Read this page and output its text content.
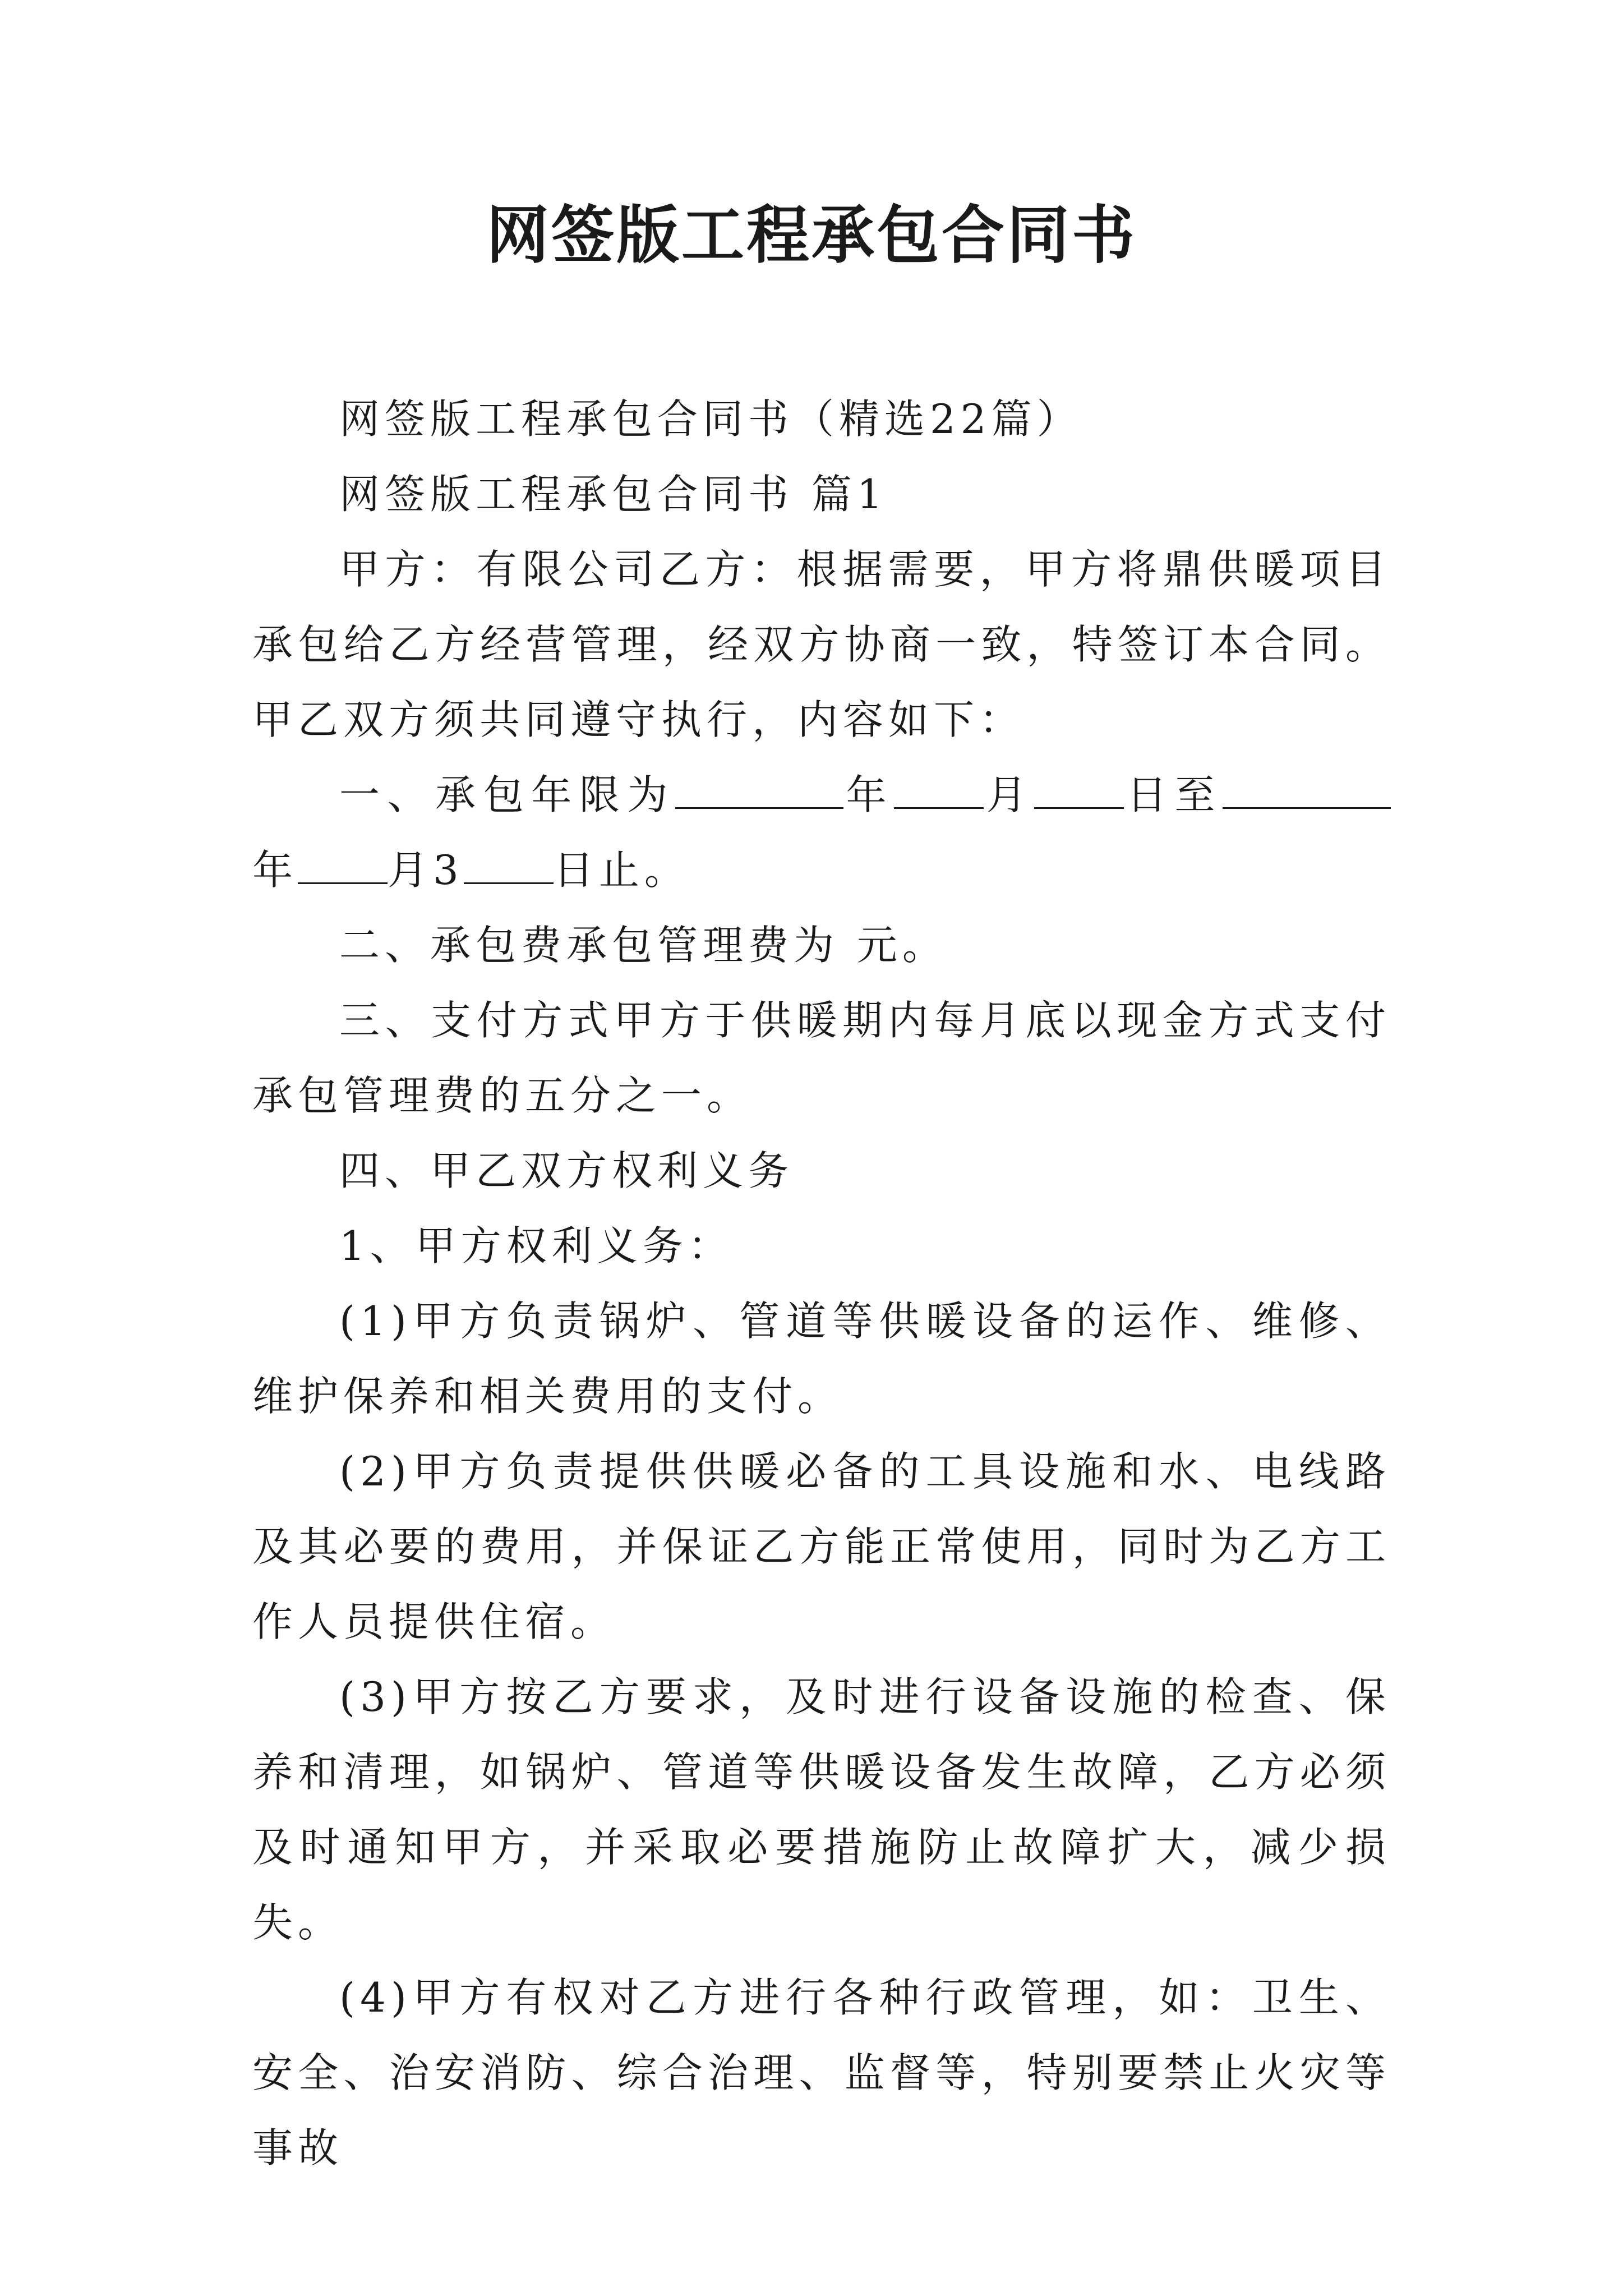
网签版工程承包合同书

网签版工程承包合同书（精选22篇）

网签版工程承包合同书 篇1

甲方：有限公司乙方：根据需要，甲方将鼎供暖项目承包给乙方经营管理，经双方协商一致，特签订本合同。甲乙双方须共同遵守执行，内容如下：

一、承包年限为	年 月 日至年 月3 日止。

二、承包费承包管理费为 元。

三、支付方式甲方于供暖期内每月底以现金方式支付承包管理费的五分之一。

四、甲乙双方权利义务

1、甲方权利义务：

(1)甲方负责锅炉、管道等供暖设备的运作、维修、维护保养和相关费用的支付。

(2)甲方负责提供供暖必备的工具设施和水、电线路及其必要的费用，并保证乙方能正常使用，同时为乙方工作人员提供住宿。

(3)甲方按乙方要求，及时进行设备设施的检查、保养和清理，如锅炉、管道等供暖设备发生故障，乙方必须及时通知甲方，并采取必要措施防止故障扩大，减少损失。

(4)甲方有权对乙方进行各种行政管理，如：卫生、安全、治安消防、综合治理、监督等，特别要禁止火灾等事故
